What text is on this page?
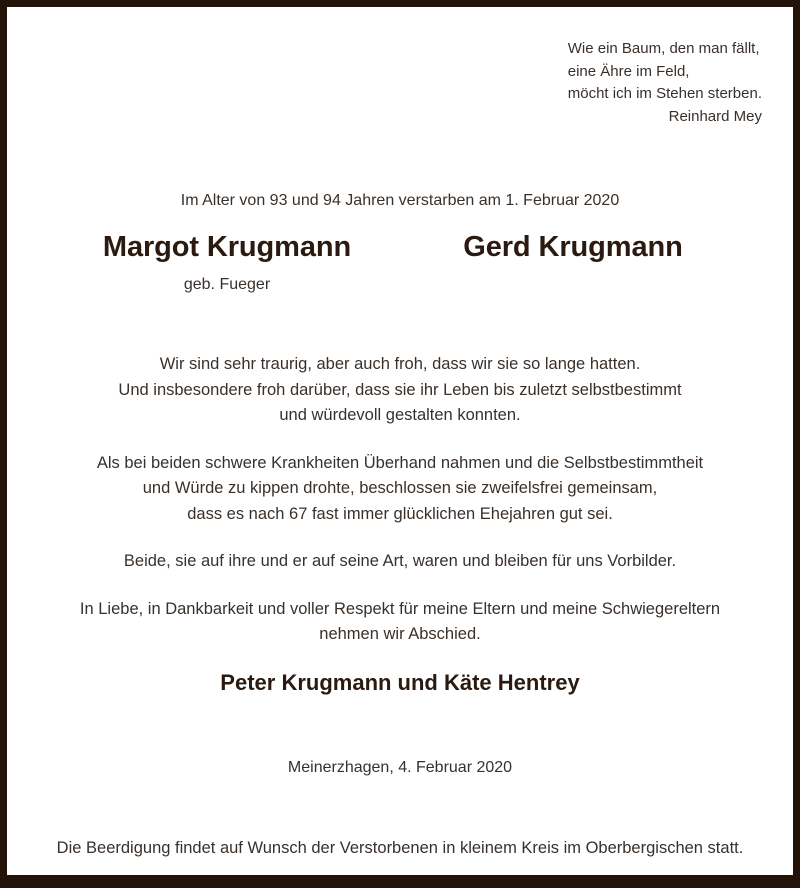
Wie ein Baum, den man fällt,
eine Ähre im Feld,
möcht ich im Stehen sterben.
Reinhard Mey
Im Alter von 93 und 94 Jahren verstarben am 1. Februar 2020
Margot Krugmann
geb. Fueger
Gerd Krugmann

Wir sind sehr traurig, aber auch froh, dass wir sie so lange hatten.
Und insbesondere froh darüber, dass sie ihr Leben bis zuletzt selbstbestimmt
und würdevoll gestalten konnten.

Als bei beiden schwere Krankheiten Überhand nahmen und die Selbstbestimmtheit
und Würde zu kippen drohte, beschlossen sie zweifelsfrei gemeinsam,
dass es nach 67 fast immer glücklichen Ehejahren gut sei.

Beide, sie auf ihre und er auf seine Art, waren und bleiben für uns Vorbilder.

In Liebe, in Dankbarkeit und voller Respekt für meine Eltern und meine Schwiegereltern
nehmen wir Abschied.

Peter Krugmann und Käte Hentrey
Meinerzhagen, 4. Februar 2020
Die Beerdigung findet auf Wunsch der Verstorbenen in kleinem Kreis im Oberbergischen statt.
